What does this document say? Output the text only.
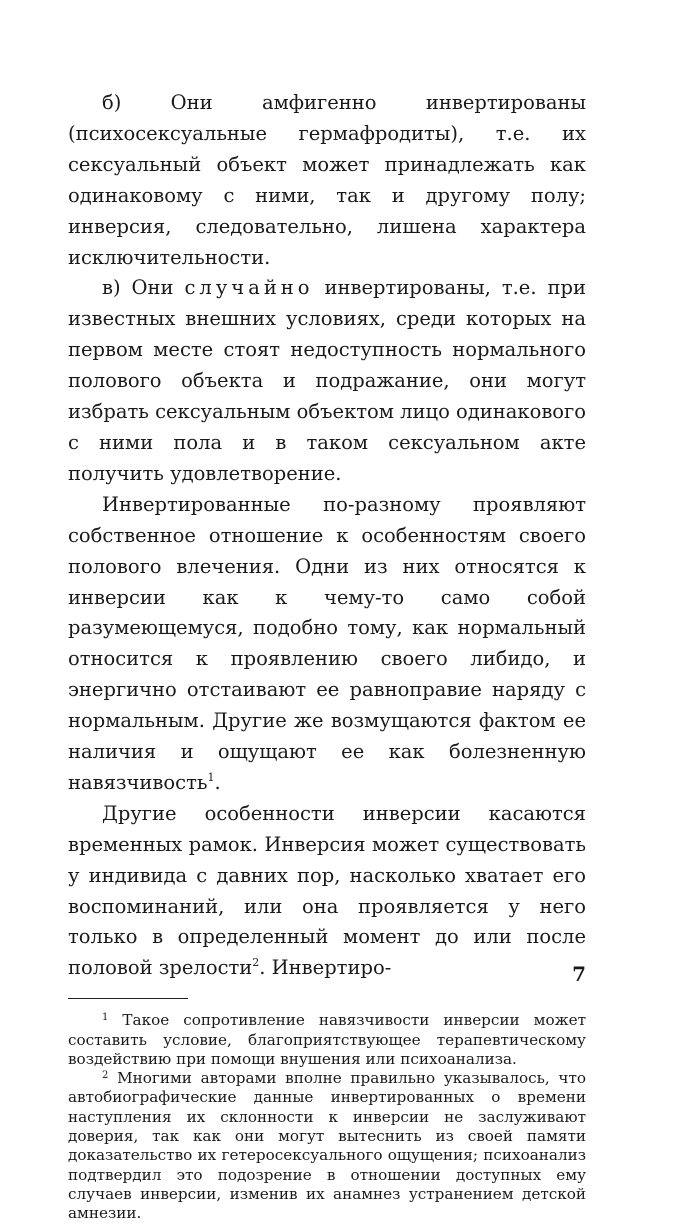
б) Они амфигенно инвертированы (психосексуальные гермафродиты), т.е. их сексуальный объект может принадлежать как одинаковому с ними, так и другому полу; инверсия, следовательно, лишена характера исключительности.

в) Они случайно инвертированы, т.е. при известных внешних условиях, среди которых на первом месте стоят недоступность нормального полового объекта и подражание, они могут избрать сексуальным объектом лицо одинакового с ними пола и в таком сексуальном акте получить удовлетворение.

Инвертированные по-разному проявляют собственное отношение к особенностям своего полового влечения. Одни из них относятся к инверсии как к чему-то само собой разумеющемуся, подобно тому, как нормальный относится к проявлению своего либидо, и энергично отстаивают ее равноправие наряду с нормальным. Другие же возмущаются фактом ее наличия и ощущают ее как болезненную навязчивость$^1$.

Другие особенности инверсии касаются временных рамок. Инверсия может существовать у индивида с давних пор, насколько хватает его воспоминаний, или она проявляется у него только в определенный момент до или после половой зрелости$^2$. Инвертиро-

$^1$ Такое сопротивление навязчивости инверсии может составить условие, благоприятствующее терапевтическому воздействию при помощи внушения или психоанализа.

$^2$ Многими авторами вполне правильно указывалось, что автобиографические данные инвертированных о времени наступления их склонности к инверсии не заслуживают доверия, так как они могут вытеснить из своей памяти доказательство их гетеросексуального ощущения; психоанализ подтвердил это подозрение в отношении доступных ему случаев инверсии, изменив их анамнез устранением детской амнезии.

7
